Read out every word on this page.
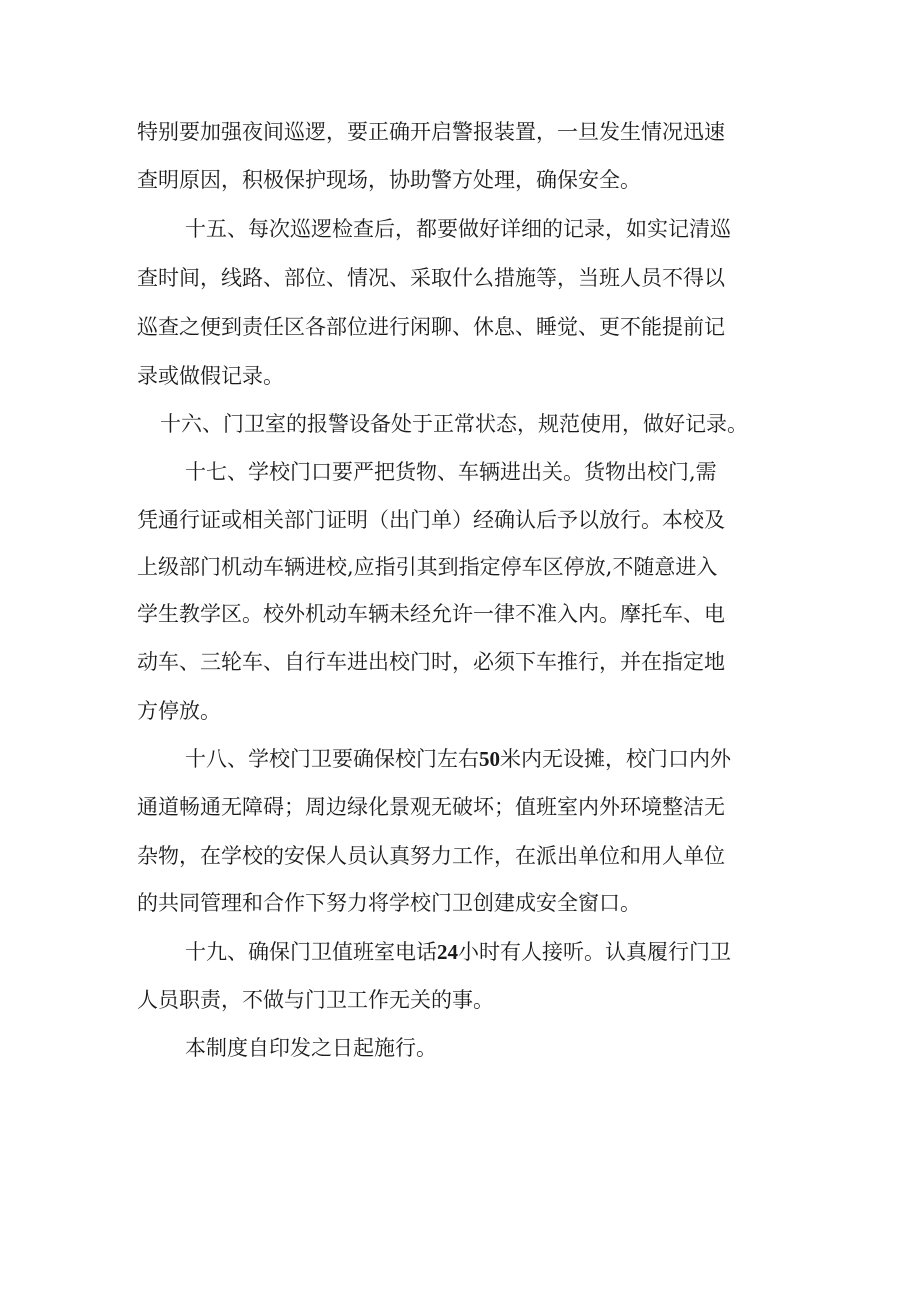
特别要加强夜间巡逻，要正确开启警报装置，一旦发生情况迅速
查明原因，积极保护现场，协助警方处理，确保安全。
十五、每次巡逻检查后，都要做好详细的记录，如实记清巡
查时间，线路、部位、情况、采取什么措施等，当班人员不得以
巡查之便到责任区各部位进行闲聊、休息、睡觉、更不能提前记
录或做假记录。
十六、门卫室的报警设备处于正常状态，规范使用，做好记录。
十七、学校门口要严把货物、车辆进出关。货物出校门,需
凭通行证或相关部门证明（出门单）经确认后予以放行。本校及
上级部门机动车辆进校,应指引其到指定停车区停放,不随意进入
学生教学区。校外机动车辆未经允许一律不准入内。摩托车、电
动车、三轮车、自行车进出校门时，必须下车推行，并在指定地
方停放。
十八、学校门卫要确保校门左右50米内无设摊，校门口内外
通道畅通无障碍；周边绿化景观无破坏；值班室内外环境整洁无
杂物，在学校的安保人员认真努力工作，在派出单位和用人单位
的共同管理和合作下努力将学校门卫创建成安全窗口。
十九、确保门卫值班室电话24小时有人接听。认真履行门卫
人员职责，不做与门卫工作无关的事。
本制度自印发之日起施行。
